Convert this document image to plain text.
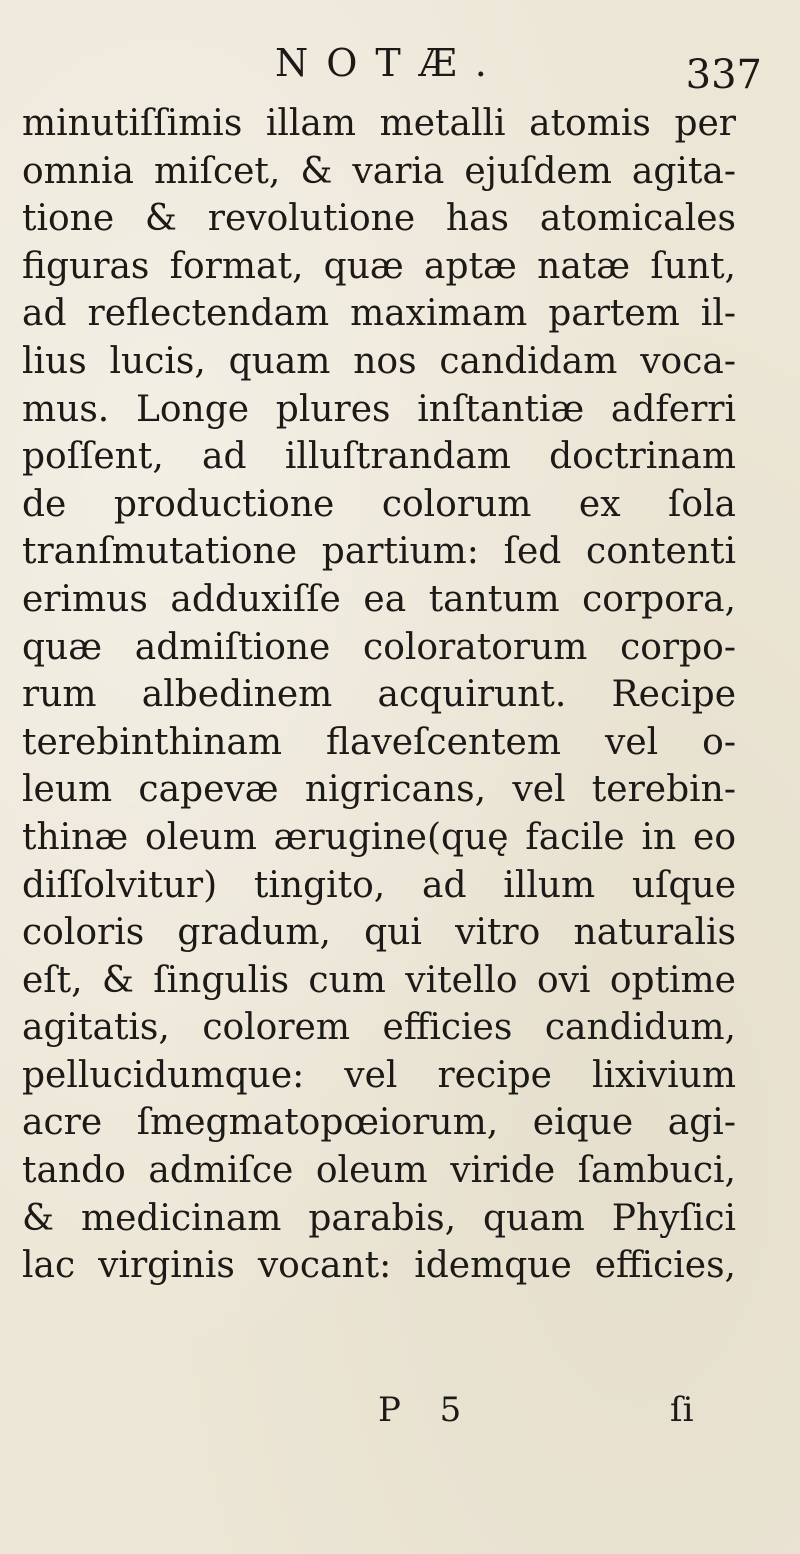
NOTÆ.	337
minutiſſimis illam metalli atomis per
omnia miſcet, & varia ejuſdem agita-
tione & revolutione has atomicales
figuras format, quæ aptæ natæ ſunt,
ad reflectendam maximam partem il-
lius lucis, quam nos candidam voca-
mus. Longe plures inſtantiæ adferri
poſſent, ad illuſtrandam doctrinam
de productione colorum ex ſola
tranſmutatione partium: ſed contenti
erimus adduxiſſe ea tantum corpora,
quæ admiſtione coloratorum corpo-
rum albedinem acquirunt. Recipe
terebinthinam flaveſcentem vel o-
leum capevæ nigricans, vel terebin-
thinæ oleum ærugine(quę facile in eo
diſſolvitur) tingito, ad illum uſque
coloris gradum, qui vitro naturalis
eſt, & ſingulis cum vitello ovi optime
agitatis, colorem efficies candidum,
pellucidumque: vel recipe lixivium
acre ſmegmatopœiorum, eique agi-
tando admiſce oleum viride ſambuci,
& medicinam parabis, quam Phyſici
lac virginis vocant: idemque efficies,
P 5	ſi
